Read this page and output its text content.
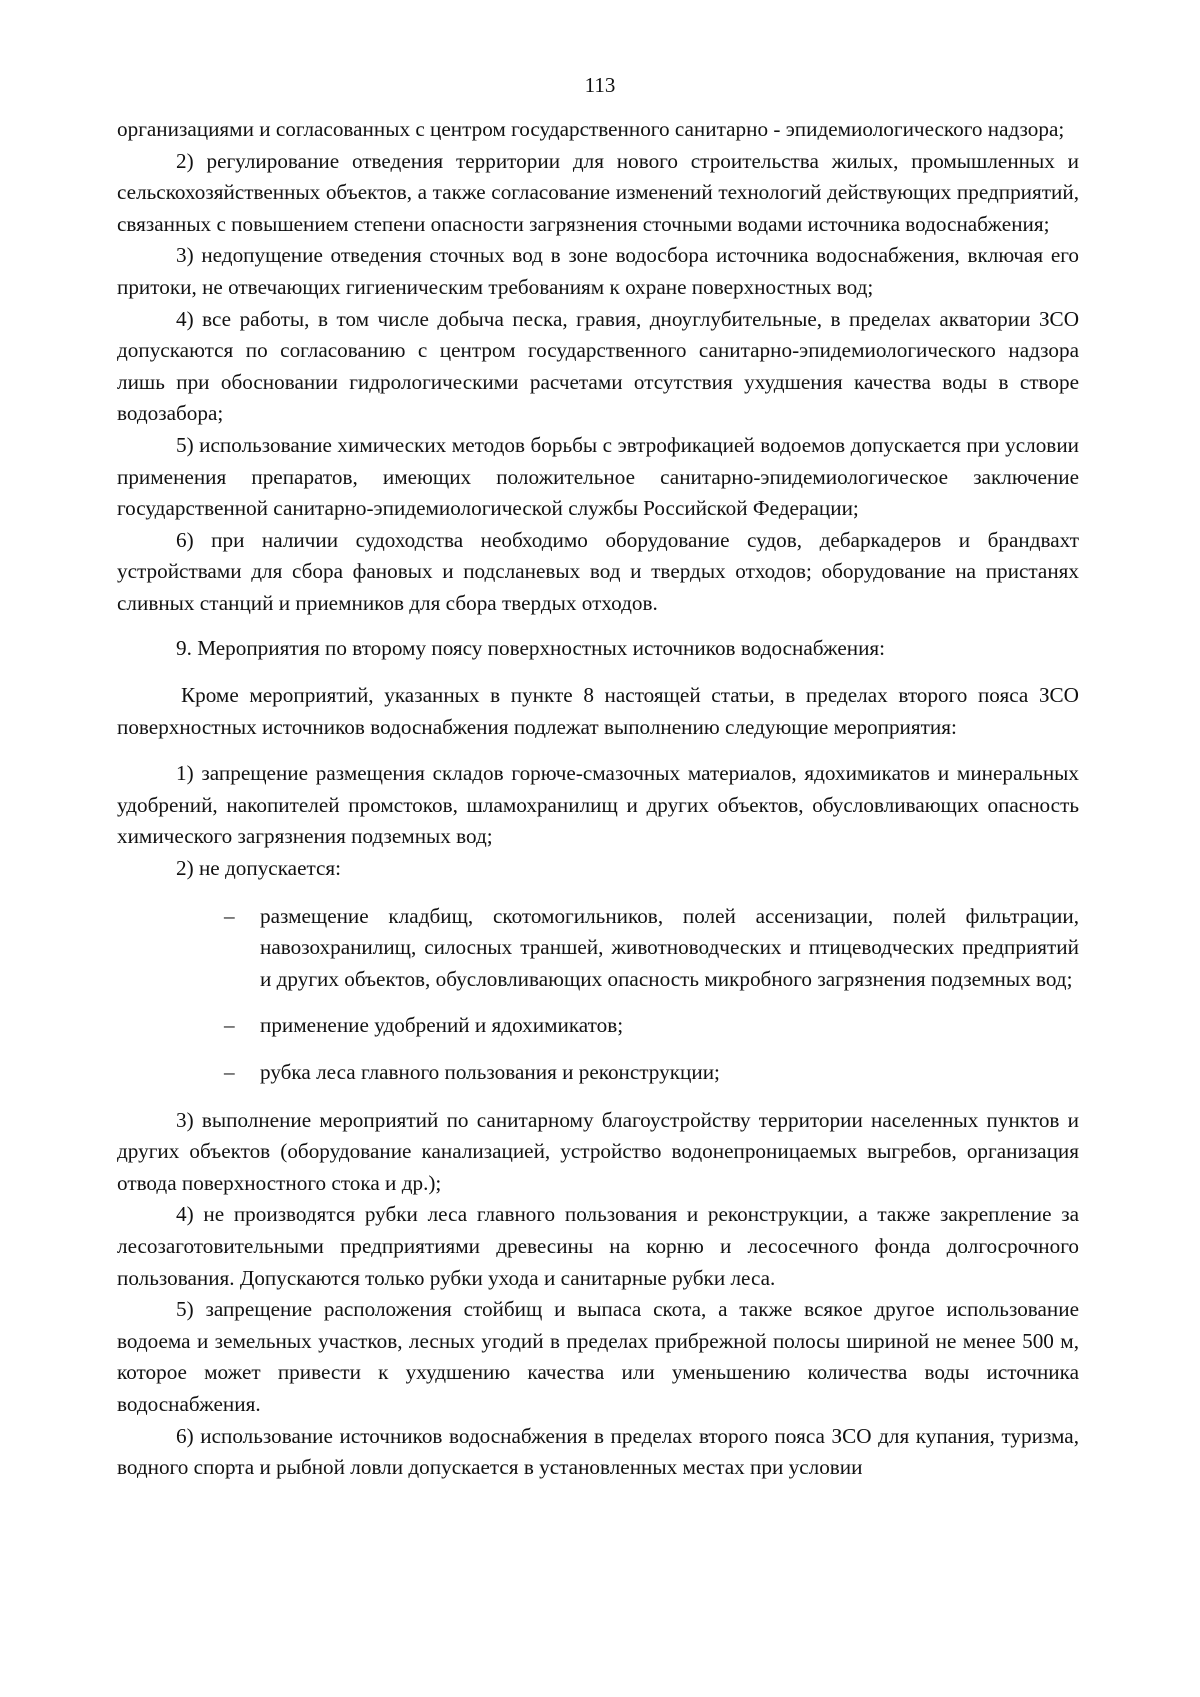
113

организациями и согласованных с центром государственного санитарно - эпидемиологического надзора;

2) регулирование отведения территории для нового строительства жилых, промышленных и сельскохозяйственных объектов, а также согласование изменений технологий действующих предприятий, связанных с повышением степени опасности загрязнения сточными водами источника водоснабжения;

3) недопущение отведения сточных вод в зоне водосбора источника водоснабжения, включая его притоки, не отвечающих гигиеническим требованиям к охране поверхностных вод;

4) все работы, в том числе добыча песка, гравия, дноуглубительные, в пределах акватории ЗСО допускаются по согласованию с центром государственного санитарно-эпидемиологического надзора лишь при обосновании гидрологическими расчетами отсутствия ухудшения качества воды в створе водозабора;

5) использование химических методов борьбы с эвтрофикацией водоемов допускается при условии применения препаратов, имеющих положительное санитарно-эпидемиологическое заключение государственной санитарно-эпидемиологической службы Российской Федерации;

6) при наличии судоходства необходимо оборудование судов, дебаркадеров и брандвахт устройствами для сбора фановых и подсланевых вод и твердых отходов; оборудование на пристанях сливных станций и приемников для сбора твердых отходов.

9. Мероприятия по второму поясу поверхностных источников водоснабжения:

Кроме мероприятий, указанных в пункте 8 настоящей статьи, в пределах второго пояса ЗСО поверхностных источников водоснабжения подлежат выполнению следующие мероприятия:

1) запрещение размещения складов горюче-смазочных материалов, ядохимикатов и минеральных удобрений, накопителей промстоков, шламохранилищ и других объектов, обусловливающих опасность химического загрязнения подземных вод;

2) не допускается:

– размещение кладбищ, скотомогильников, полей ассенизации, полей фильтрации, навозохранилищ, силосных траншей, животноводческих и птицеводческих предприятий и других объектов, обусловливающих опасность микробного загрязнения подземных вод;
– применение удобрений и ядохимикатов;
– рубка леса главного пользования и реконструкции;

3) выполнение мероприятий по санитарному благоустройству территории населенных пунктов и других объектов (оборудование канализацией, устройство водонепроницаемых выгребов, организация отвода поверхностного стока и др.);

4) не производятся рубки леса главного пользования и реконструкции, а также закрепление за лесозаготовительными предприятиями древесины на корню и лесосечного фонда долгосрочного пользования. Допускаются только рубки ухода и санитарные рубки леса.

5) запрещение расположения стойбищ и выпаса скота, а также всякое другое использование водоема и земельных участков, лесных угодий в пределах прибрежной полосы шириной не менее 500 м, которое может привести к ухудшению качества или уменьшению количества воды источника водоснабжения.

6) использование источников водоснабжения в пределах второго пояса ЗСО для купания, туризма, водного спорта и рыбной ловли допускается в установленных местах при условии
